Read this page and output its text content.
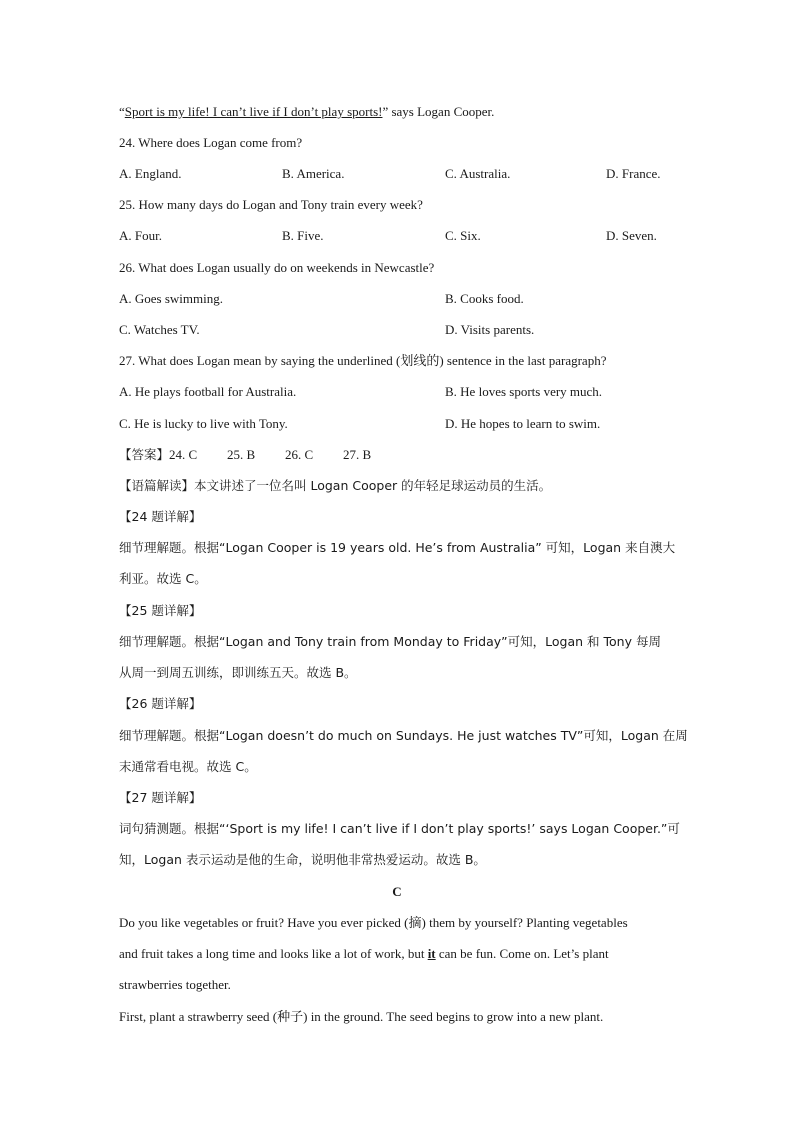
“Sport is my life! I can’t live if I don’t play sports!” says Logan Cooper.
24. Where does Logan come from?
A. England.	B. America.	C. Australia.	D. France.
25. How many days do Logan and Tony train every week?
A. Four.	B. Five.	C. Six.	D. Seven.
26. What does Logan usually do on weekends in Newcastle?
A. Goes swimming.	B. Cooks food.
C. Watches TV.	D. Visits parents.
27. What does Logan mean by saying the underlined (划线的) sentence in the last paragraph?
A. He plays football for Australia.	B. He loves sports very much.
C. He is lucky to live with Tony.	D. He hopes to learn to swim.
【答案】24. C 25. B 26. C 27. B
【语篇解读】本文讲述了一位名叫 Logan Cooper 的年轻足球运动员的生活。
【24 题详解】
细节理解题。根据“Logan Cooper is 19 years old. He’s from Australia” 可知，Logan 来自澳大
利亚。故选 C。
【25 题详解】
细节理解题。根据“Logan and Tony train from Monday to Friday”可知，Logan 和 Tony 每周
从周一到周五训练，即训练五天。故选 B。
【26 题详解】
细节理解题。根据“Logan doesn’t do much on Sundays. He just watches TV”可知，Logan 在周
末通常看电视。故选 C。
【27 题详解】
词句猜测题。根据“‘Sport is my life! I can’t live if I don’t play sports!’ says Logan Cooper.”可
知，Logan 表示运动是他的生命，说明他非常热爱运动。故选 B。
C
Do you like vegetables or fruit? Have you ever picked (摘) them by yourself? Planting vegetables
and fruit takes a long time and looks like a lot of work, but it can be fun. Come on. Let’s plant
strawberries together.
First, plant a strawberry seed (种子) in the ground. The seed begins to grow into a new plant.
